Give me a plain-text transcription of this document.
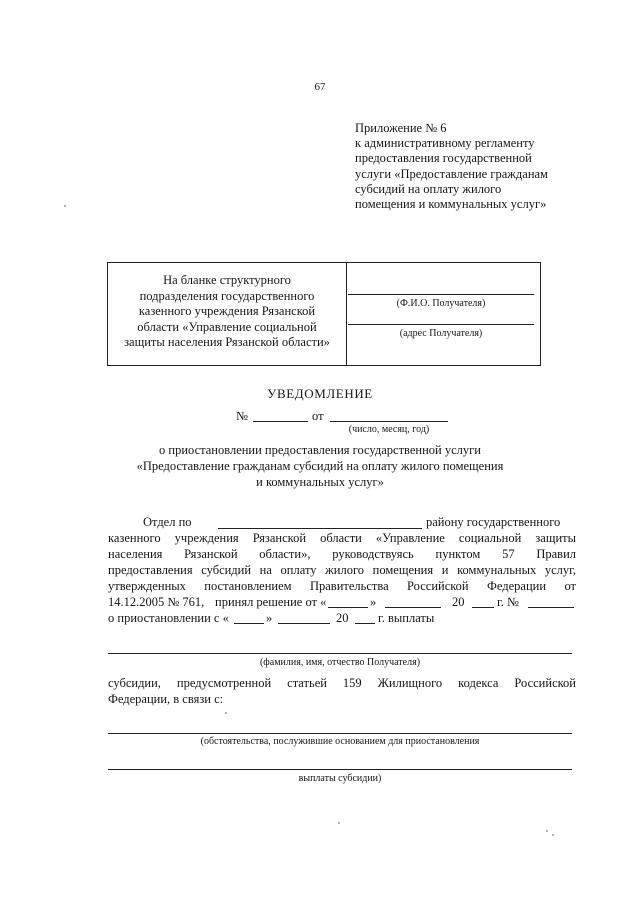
67
Приложение № 6
к административному регламенту
предоставления государственной
услуги «Предоставление гражданам
субсидий на оплату жилого
помещения и коммунальных услуг»
На бланке структурного
подразделения государственного
казенного учреждения Рязанской
области «Управление социальной
защиты населения Рязанской области»
(Ф.И.О. Получателя)
(адрес Получателя)
УВЕДОМЛЕНИЕ
№	от
(число, месяц, год)
о приостановлении предоставления государственной услуги
«Предоставление гражданам субсидий на оплату жилого помещения
и коммунальных услуг»
Отдел по	району государственного
казенного учреждения Рязанской области «Управление социальной защиты
населения Рязанской области», руководствуясь пунктом 57 Правил
предоставления субсидий на оплату жилого помещения и коммунальных услуг,
утвержденных постановлением Правительства Российской Федерации от
14.12.2005 № 761, принял решение от «	»	20	г. №
о приостановлении с «	»	20 г. выплаты
(фамилия, имя, отчество Получателя)
субсидии, предусмотренной статьей 159 Жилищного кодекса Российской
Федерации, в связи с:
(обстоятельства, послужившие основанием для приостановления
выплаты субсидии)
